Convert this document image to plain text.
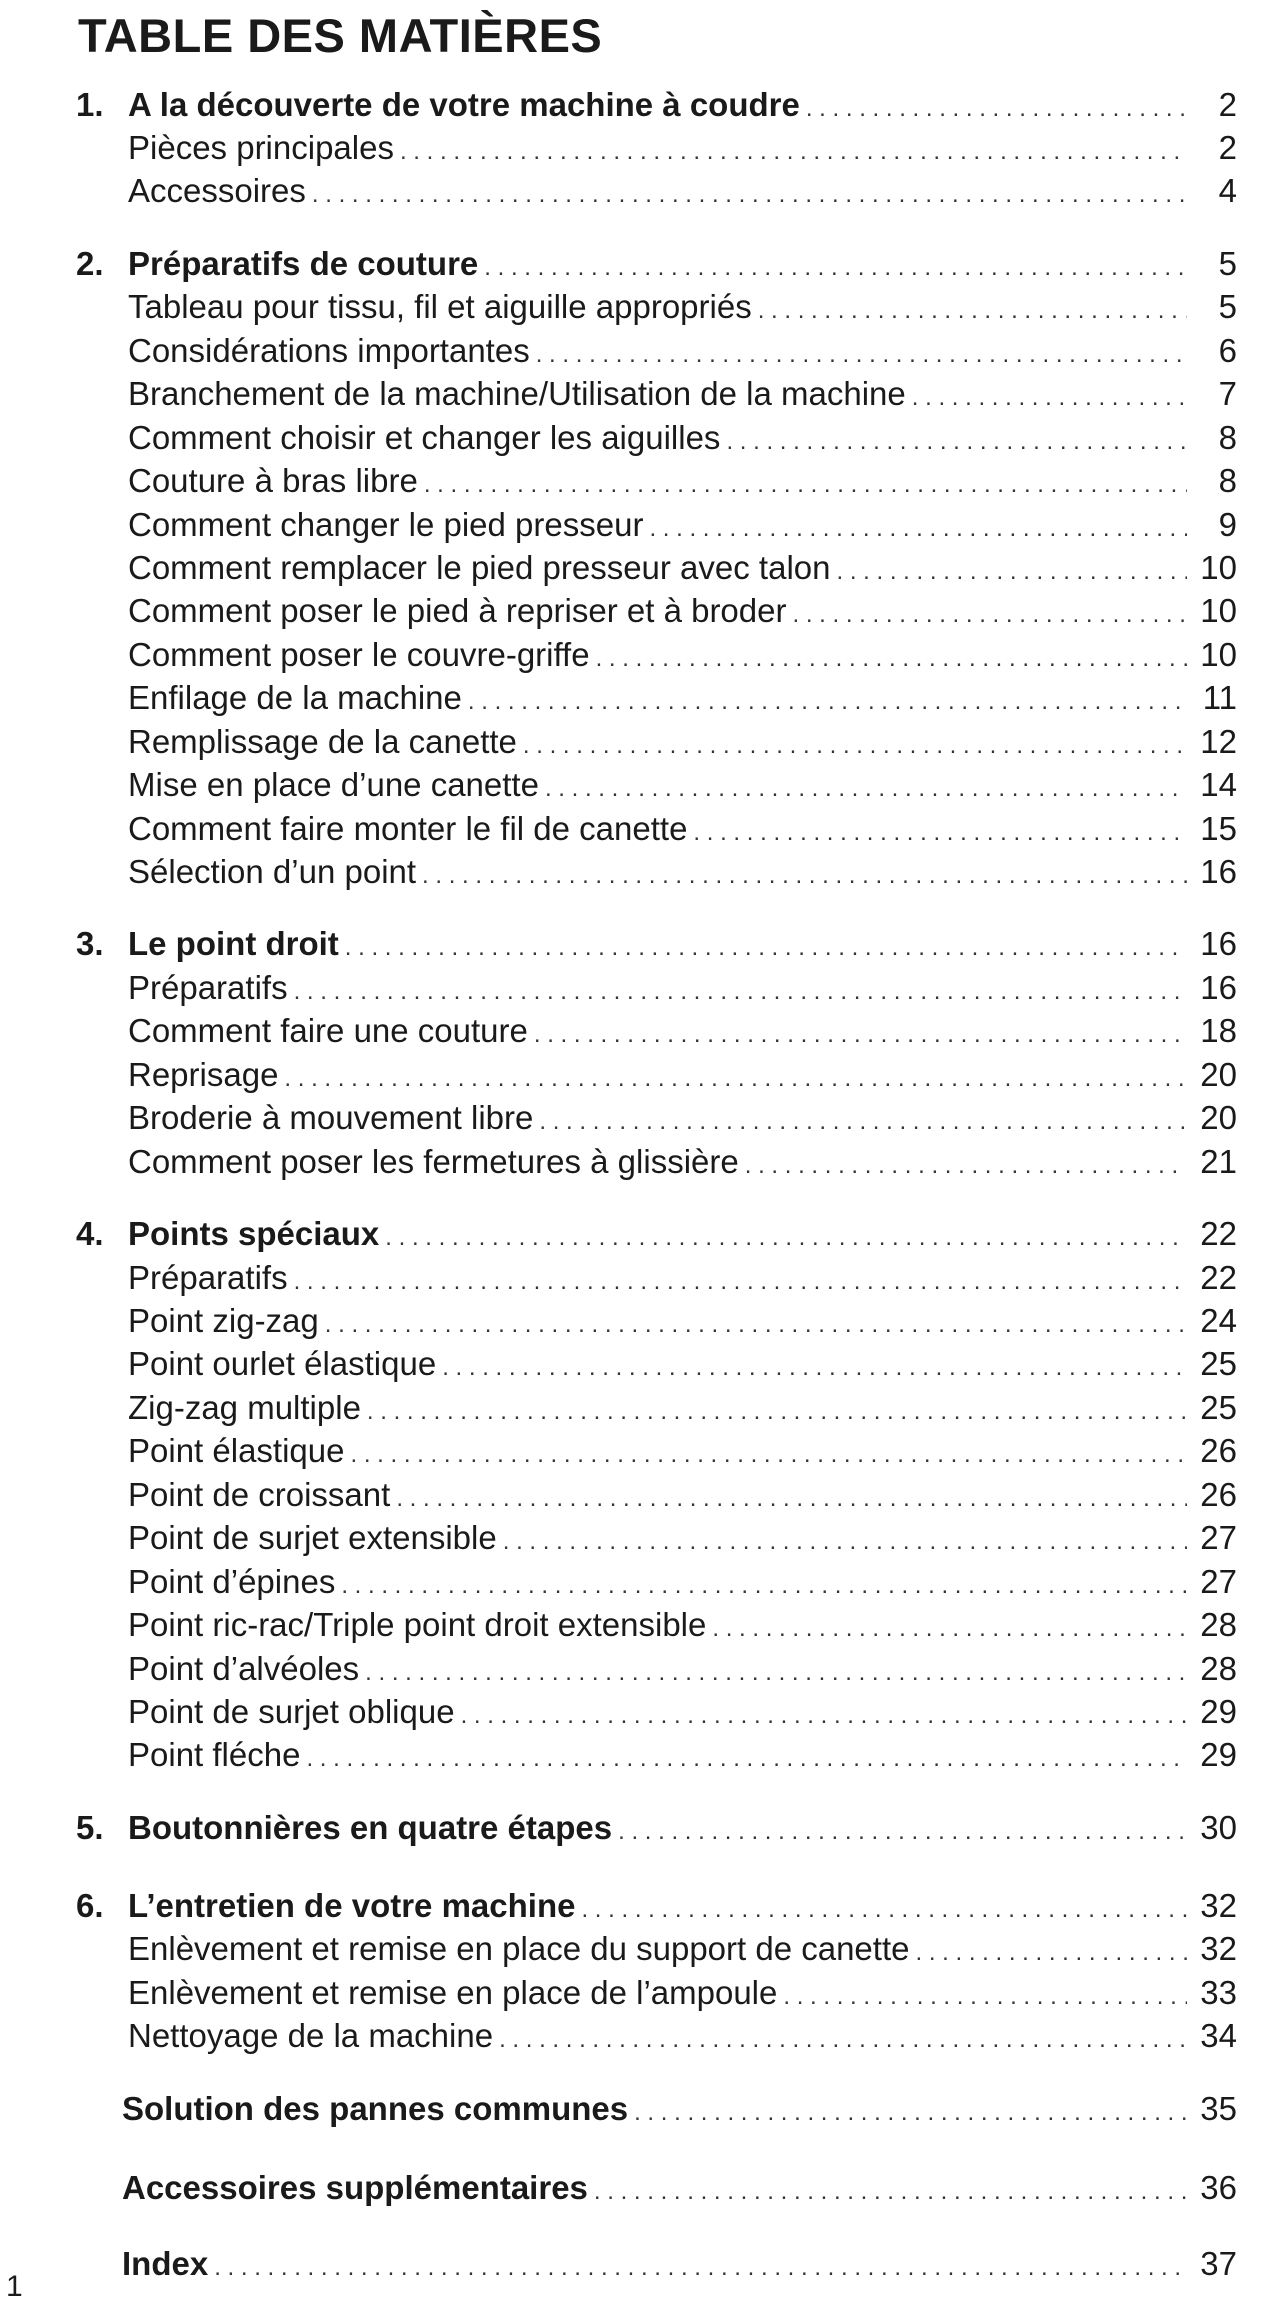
TABLE DES MATIÈRES
1. A la découverte de votre machine à coudre . . .	2
Pièces principales . . .	2
Accessoires . . .	4
2. Préparatifs de couture . . .	5
Tableau pour tissu, fil et aiguille appropriés . . .	5
Considérations importantes . . .	6
Branchement de la machine/Utilisation de la machine . . .	7
Comment choisir et changer les aiguilles . . .	8
Couture à bras libre . . .	8
Comment changer le pied presseur . . .	9
Comment remplacer le pied presseur avec talon . . .	10
Comment poser le pied à repriser et à broder . . .	10
Comment poser le couvre-griffe . . .	10
Enfilage de la machine . . .	11
Remplissage de la canette . . .	12
Mise en place d’une canette . . .	14
Comment faire monter le fil de canette . . .	15
Sélection d’un point . . .	16
3. Le point droit . . .	16
Préparatifs . . .	16
Comment faire une couture . . .	18
Reprisage . . .	20
Broderie à mouvement libre . . .	20
Comment poser les fermetures à glissière . . .	21
4. Points spéciaux . . .	22
Préparatifs . . .	22
Point zig-zag . . .	24
Point ourlet élastique . . .	25
Zig-zag multiple . . .	25
Point élastique . . .	26
Point de croissant . . .	26
Point de surjet extensible . . .	27
Point d’épines . . .	27
Point ric-rac/Triple point droit extensible . . .	28
Point d’alvéoles . . .	28
Point de surjet oblique . . .	29
Point fléche . . .	29
5. Boutonnières en quatre étapes . . .	30
6. L’entretien de votre machine . . .	32
Enlèvement et remise en place du support de canette . . .	32
Enlèvement et remise en place de l’ampoule . . .	33
Nettoyage de la machine . . .	34
Solution des pannes communes . . .	35
Accessoires supplémentaires . . .	36
Index . . .	37
1
